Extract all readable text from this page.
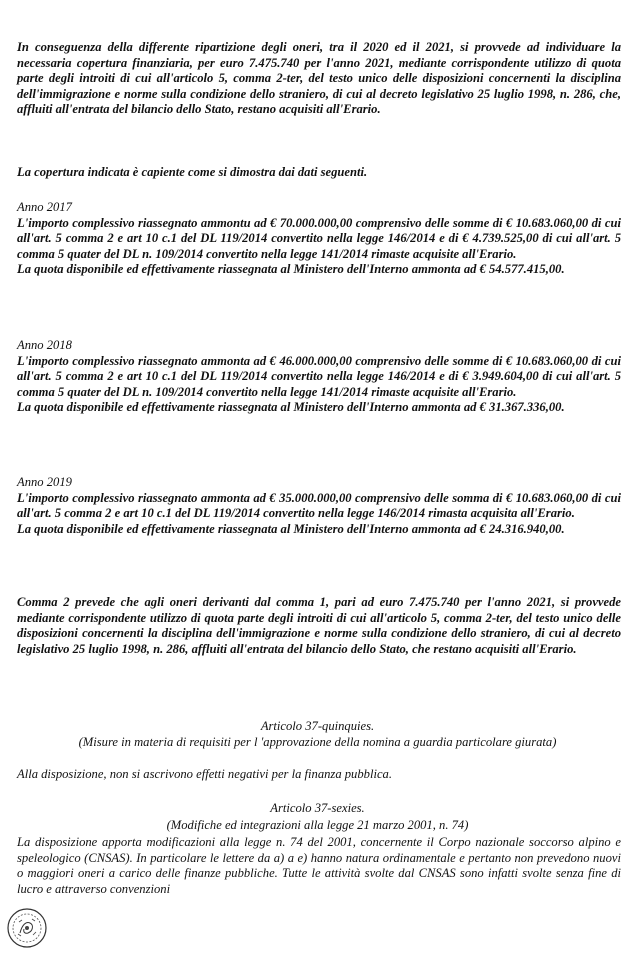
In conseguenza della differente ripartizione degli oneri, tra il 2020 ed il 2021, si provvede ad individuare la necessaria copertura finanziaria, per euro 7.475.740 per l'anno 2021, mediante corrispondente utilizzo di quota parte degli introiti di cui all'articolo 5, comma 2-ter, del testo unico delle disposizioni concernenti la disciplina dell'immigrazione e norme sulla condizione dello straniero, di cui al decreto legislativo 25 luglio 1998, n. 286, che, affluiti all'entrata del bilancio dello Stato, restano acquisiti all'Erario.

La copertura indicata è capiente come si dimostra dai dati seguenti.

Anno 2017
L'importo complessivo riassegnato ammontu ad € 70.000.000,00 comprensivo delle somme di € 10.683.060,00 di cui all'art. 5 comma 2 e art 10 c.1 del DL 119/2014 convertito nella legge 146/2014 e di € 4.739.525,00 di cui all'art. 5 comma 5 quater del DL n. 109/2014 convertito nella legge 141/2014 rimaste acquisite all'Erario.
La quota disponibile ed effettivamente riassegnata al Ministero dell'Interno ammonta ad € 54.577.415,00.
Anno 2018
L'importo complessivo riassegnato ammonta ad € 46.000.000,00 comprensivo delle somme di € 10.683.060,00 di cui all'art. 5 comma 2 e art 10 c.1 del DL 119/2014 convertito nella legge 146/2014 e di € 3.949.604,00 di cui all'art. 5 comma 5 quater del DL n. 109/2014 convertito nella legge 141/2014 rimaste acquisite all'Erario.
La quota disponibile ed effettivamente riassegnata al Ministero dell'Interno ammonta ad € 31.367.336,00.
Anno 2019
L'importo complessivo riassegnato ammonta ad € 35.000.000,00 comprensivo delle somma di € 10.683.060,00 di cui all'art. 5 comma 2 e art 10 c.1 del DL 119/2014 convertito nella legge 146/2014 rimasta acquisita all'Erario.
La quota disponibile ed effettivamente riassegnata al Ministero dell'Interno ammonta ad € 24.316.940,00.

Comma 2 prevede che agli oneri derivanti dal comma 1, pari ad euro 7.475.740 per l'anno 2021, si provvede mediante corrispondente utilizzo di quota parte degli introiti di cui all'articolo 5, comma 2-ter, del testo unico delle disposizioni concernenti la disciplina dell'immigrazione e norme sulla condizione dello straniero, di cui al decreto legislativo 25 luglio 1998, n. 286, affluiti all'entrata del bilancio dello Stato, che restano acquisiti all'Erario.

Articolo 37-quinquies.

(Misure in materia di requisiti per l 'approvazione della nomina a guardia particolare giurata)

Alla disposizione, non si ascrivono effetti negativi per la finanza pubblica.

Articolo 37-sexies.

(Modifiche ed integrazioni alla legge 21 marzo 2001, n. 74)

La disposizione apporta modificazioni alla legge n. 74 del 2001, concernente il Corpo nazionale soccorso alpino e speleologico (CNSAS). In particolare le lettere da a) a e) hanno natura ordinamentale e pertanto non prevedono nuovi o maggiori oneri a carico delle finanze pubbliche. Tutte le attività svolte dal CNSAS sono infatti svolte senza fine di lucro e attraverso convenzioni
